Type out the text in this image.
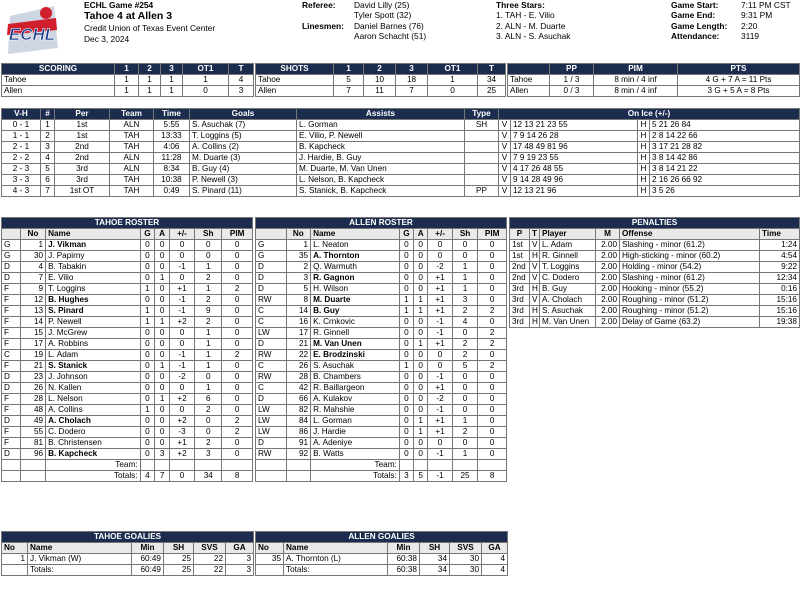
ECHL
ECHL Game #254
Tahoe 4 at Allen 3
Credit Union of Texas Event Center
Dec 3, 2024
Referee: David Lilly (25)
Tyler Spott (32)
Linesmen: Daniel Barnes (76)
Aaron Schacht (51)
Three Stars:
1. TAH - E. Vilio
2. ALN - M. Duarte
3. ALN - S. Asuchak
Game Start:	7:11 PM CST
Game End:	9:31 PM
Game Length: 2:20
Attendance:	3119
SCORING	1	2	3	OT1	T
Tahoe	1	1	1	1	4
Allen	1	1	1	0	3
SHOTS	1	2	3	OT1	T
Tahoe	5	10	18	1	34
Allen	7	11	7	0	25
	PP	PIM	PTS
Tahoe	1 / 3	8 min / 4 inf	4 G + 7 A = 11 Pts
Allen	0 / 3	8 min / 4 inf	3 G + 5 A = 8 Pts
V-H	#	Per	Team	Time	Goals	Assists	Type	On Ice (+/-)			
0 - 1	1	1st	ALN	5:55	S. Asuchak (7)	L. Gorman	SH	V	12 13 21 23 55	H	5 21 26 84
1 - 1	2	1st	TAH	13:33	T. Loggins (5)	E. Vilio, P. Newell		V	7 9 14 26 28	H	2 8 14 22 66
2 - 1	3	2nd	TAH	4:06	A. Collins (2)	B. Kapcheck		V	17 48 49 81 96	H	3 17 21 28 82
2 - 2	4	2nd	ALN	11:28	M. Duarte (3)	J. Hardie, B. Guy		V	7 9 19 23 55	H	3 8 14 42 86
2 - 3	5	3rd	ALN	8:34	B. Guy (4)	M. Duarte, M. Van Unen		V	4 17 26 48 55	H	3 8 14 21 22
3 - 3	6	3rd	TAH	10:38	P. Newell (3)	L. Nelson, B. Kapcheck		V	9 14 28 49 96	H	2 16 26 66 92
4 - 3	7	1st OT	TAH	0:49	S. Pinard (11)	S. Stanick, B. Kapcheck	PP	V	12 13 21 96	H	3 5 26
TAHOE ROSTER							
	No	Name	G	A	+/-	Sh	PIM
G	1	J. Vikman	0	0	0	0	0
G	30	J. Papirny	0	0	0	0	0
D	4	B. Tabakin	0	0	-1	1	0
D	7	E. Vilio	0	1	0	2	0
F	9	T. Loggins	1	0	+1	1	2
F	12	B. Hughes	0	0	-1	2	0
F	13	S. Pinard	1	0	-1	9	0
F	14	P. Newell	1	1	+2	2	0
F	15	J. McGrew	0	0	0	1	0
F	17	A. Robbins	0	0	0	1	0
C	19	L. Adam	0	0	-1	1	2
F	21	S. Stanick	0	1	-1	1	0
D	23	J. Johnson	0	0	-2	0	0
D	26	N. Kallen	0	0	0	1	0
F	28	L. Nelson	0	1	+2	6	0
F	48	A. Collins	1	0	0	2	0
D	49	A. Cholach	0	0	+2	0	2
F	55	C. Dodero	0	0	-3	0	2
F	81	B. Christensen	0	0	+1	2	0
D	96	B. Kapcheck	0	3	+2	3	0
		Team:					
		Totals:	4	7	0	34	8
ALLEN ROSTER							
	No	Name	G	A	+/-	Sh	PIM
G	1	L. Neaton	0	0	0	0	0
G	35	A. Thornton	0	0	0	0	0
D	2	Q. Warmuth	0	0	-2	1	0
D	3	R. Gagnon	0	0	+1	1	0
D	5	H. Wilson	0	0	+1	1	0
RW	8	M. Duarte	1	1	+1	3	0
C	14	B. Guy	1	1	+1	2	2
C	16	K. Crnkovic	0	0	-1	4	0
LW	17	R. Ginnell	0	0	-1	0	2
D	21	M. Van Unen	0	1	+1	2	2
RW	22	E. Brodzinski	0	0	0	2	0
C	26	S. Asuchak	1	0	0	5	2
RW	28	B. Chambers	0	0	-1	0	0
C	42	R. Baillargeon	0	0	+1	0	0
D	66	A. Kulakov	0	0	-2	0	0
LW	82	R. Mahshie	0	0	-1	0	0
LW	84	L. Gorman	0	1	+1	1	0
LW	86	J. Hardie	0	1	+1	2	0
D	91	A. Adeniye	0	0	0	0	0
RW	92	B. Watts	0	0	-1	1	0
		Team:					
		Totals:	3	5	-1	25	8
PENALTIES					
P	T	Player	M	Offense	Time
1st	V	L. Adam	2.00	Slashing - minor (61.2)	1:24
1st	H	R. Ginnell	2.00	High-sticking - minor (60.2)	4:54
2nd	V	T. Loggins	2.00	Holding - minor (54.2)	9:22
2nd	V	C. Dodero	2.00	Slashing - minor (61.2)	12:34
3rd	H	B. Guy	2.00	Hooking - minor (55.2)	0:16
3rd	V	A. Cholach	2.00	Roughing - minor (51.2)	15:16
3rd	H	S. Asuchak	2.00	Roughing - minor (51.2)	15:16
3rd	H	M. Van Unen	2.00	Delay of Game (63.2)	19:38
TAHOE GOALIES					
No	Name	Min	SH	SVS	GA
1	J. Vikman (W)	60:49	25	22	3
	Totals:	60:49	25	22	3
ALLEN GOALIES					
No	Name	Min	SH	SVS	GA
35	A. Thornton (L)	60:38	34	30	4
	Totals:	60:38	34	30	4
